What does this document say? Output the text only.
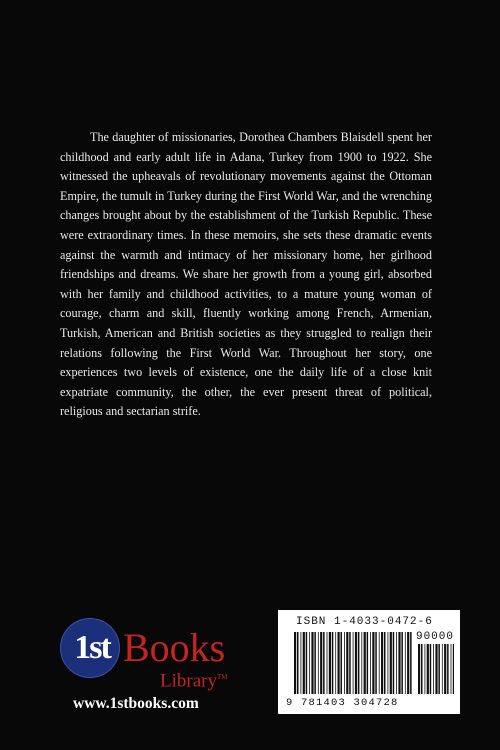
The daughter of missionaries, Dorothea Chambers Blaisdell spent her childhood and early adult life in Adana, Turkey from 1900 to 1922. She witnessed the upheavals of revolutionary movements against the Ottoman Empire, the tumult in Turkey during the First World War, and the wrenching changes brought about by the establishment of the Turkish Republic. These were extraordinary times. In these memoirs, she sets these dramatic events against the warmth and intimacy of her missionary home, her girlhood friendships and dreams. We share her growth from a young girl, absorbed with her family and childhood activities, to a mature young woman of courage, charm and skill, fluently working among French, Armenian, Turkish, American and British societies as they struggled to realign their relations following the First World War. Throughout her story, one experiences two levels of existence, one the daily life of a close knit expatriate community, the other, the ever present threat of political, religious and sectarian strife.

1st Books
Library™
www.1stbooks.com
ISBN 1-4033-0472-6
90000
9 781403 304728
